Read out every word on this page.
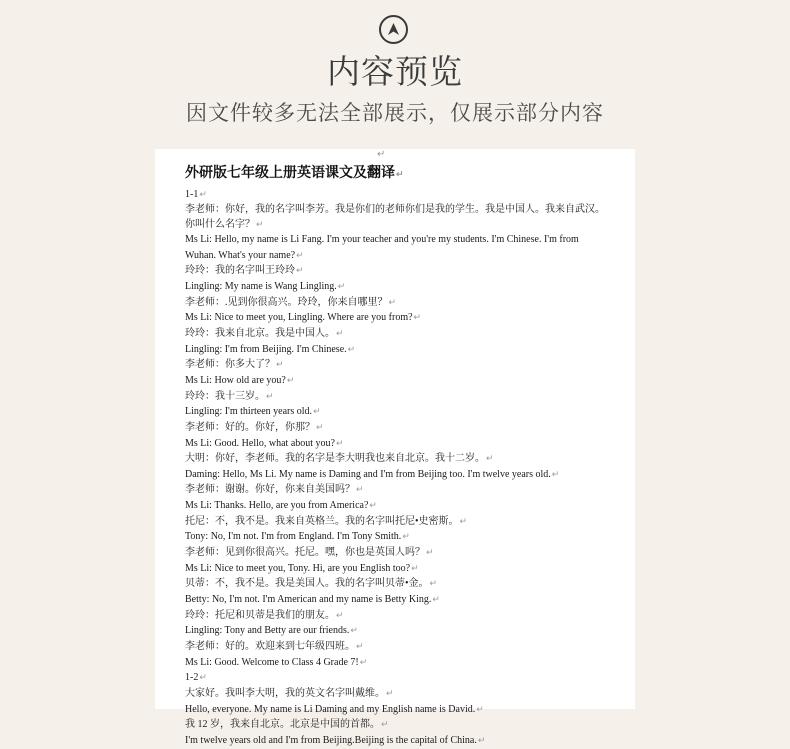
内容预览
因文件较多无法全部展示，仅展示部分内容
↵
外研版七年级上册英语课文及翻译↵
1-1↵
李老师：你好，我的名字叫李芳。我是你们的老师你们是我的学生。我是中国人。我来自武汉。你叫什么名字？↵
Ms Li: Hello, my name is Li Fang. I'm your teacher and you're my students. I'm Chinese. I'm from Wuhan. What's your name?↵
玲玲：我的名字叫王玲玲↵
Lingling: My name is Wang Lingling.↵
李老师：.见到你很高兴。玲玲，你来自哪里？↵
Ms Li: Nice to meet you, Lingling. Where are you from?↵
玲玲：我来自北京。我是中国人。↵
Lingling: I'm from Beijing. I'm Chinese.↵
李老师：你多大了？↵
Ms Li: How old are you?↵
玲玲：我十三岁。↵
Lingling: I'm thirteen years old.↵
李老师：好的。你好，你那？↵
Ms Li: Good. Hello, what about you?↵
大明：你好，李老师。我的名字是李大明我也来自北京。我十二岁。↵
Daming: Hello, Ms Li. My name is Daming and I'm from Beijing too. I'm twelve years old.↵
李老师：谢谢。你好，你来自美国吗？↵
Ms Li: Thanks. Hello, are you from America?↵
托尼：不，我不是。我来自英格兰。我的名字叫托尼•史密斯。↵
Tony: No, I'm not. I'm from England. I'm Tony Smith.↵
李老师：见到你很高兴。托尼。嘿，你也是英国人吗？↵
Ms Li: Nice to meet you, Tony. Hi, are you English too?↵
贝蒂：不，我不是。我是美国人。我的名字叫贝蒂•金。↵
Betty: No, I'm not. I'm American and my name is Betty King.↵
玲玲：托尼和贝蒂是我们的朋友。↵
Lingling: Tony and Betty are our friends.↵
李老师：好的。欢迎来到七年级四班。↵
Ms Li: Good. Welcome to Class 4 Grade 7!↵
1-2↵
大家好。我叫李大明，我的英文名字叫戴维。↵
Hello, everyone. My name is Li Daming and my English name is David.↵
我 12 岁，我来自北京。北京是中国的首都。↵
I'm twelve years old and I'm from Beijing.Beijing is the capital of China.↵
